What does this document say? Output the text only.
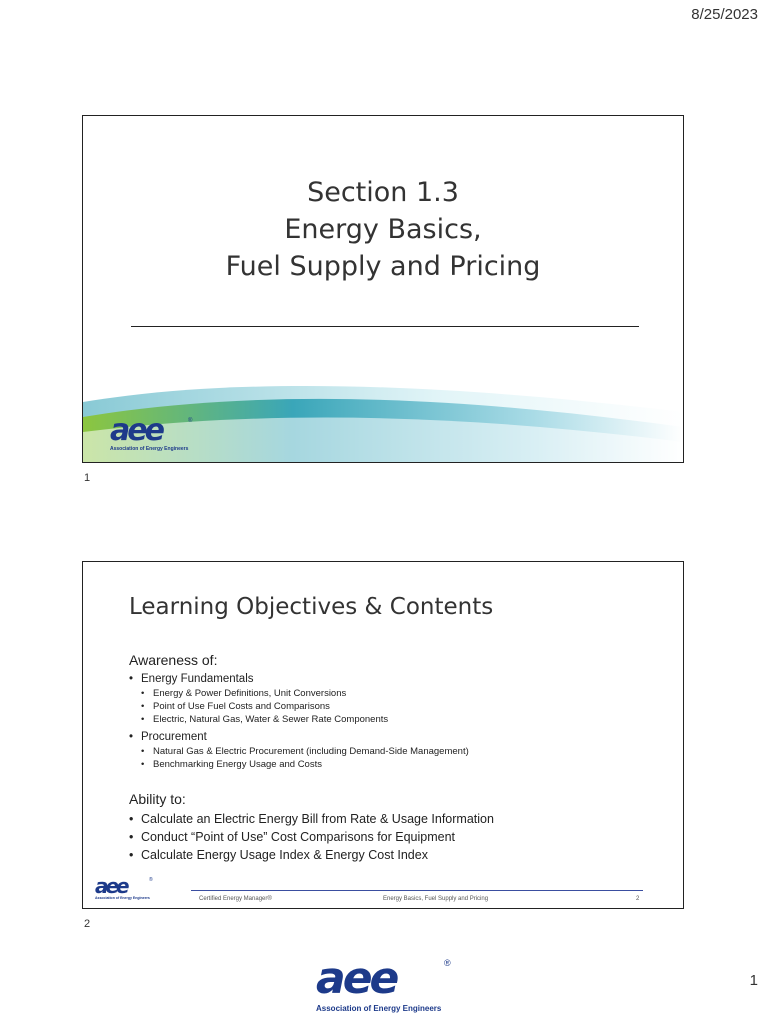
8/25/2023
Section 1.3
Energy Basics,
Fuel Supply and Pricing
aee	®
Association of Energy Engineers
1
Learning Objectives & Contents
Awareness of:
• Energy Fundamentals
• Energy & Power Definitions, Unit Conversions
• Point of Use Fuel Costs and Comparisons
• Electric, Natural Gas, Water & Sewer Rate Components
• Procurement
• Natural Gas & Electric Procurement (including Demand-Side Management)
• Benchmarking Energy Usage and Costs
Ability to:
• Calculate an Electric Energy Bill from Rate & Usage Information
• Conduct “Point of Use” Cost Comparisons for Equipment
• Calculate Energy Usage Index & Energy Cost Index
aee	®
Association of Energy Engineers	Certified Energy Manager®	Energy Basics, Fuel Supply and Pricing	2
2
aee	®
Association of Energy Engineers
1
